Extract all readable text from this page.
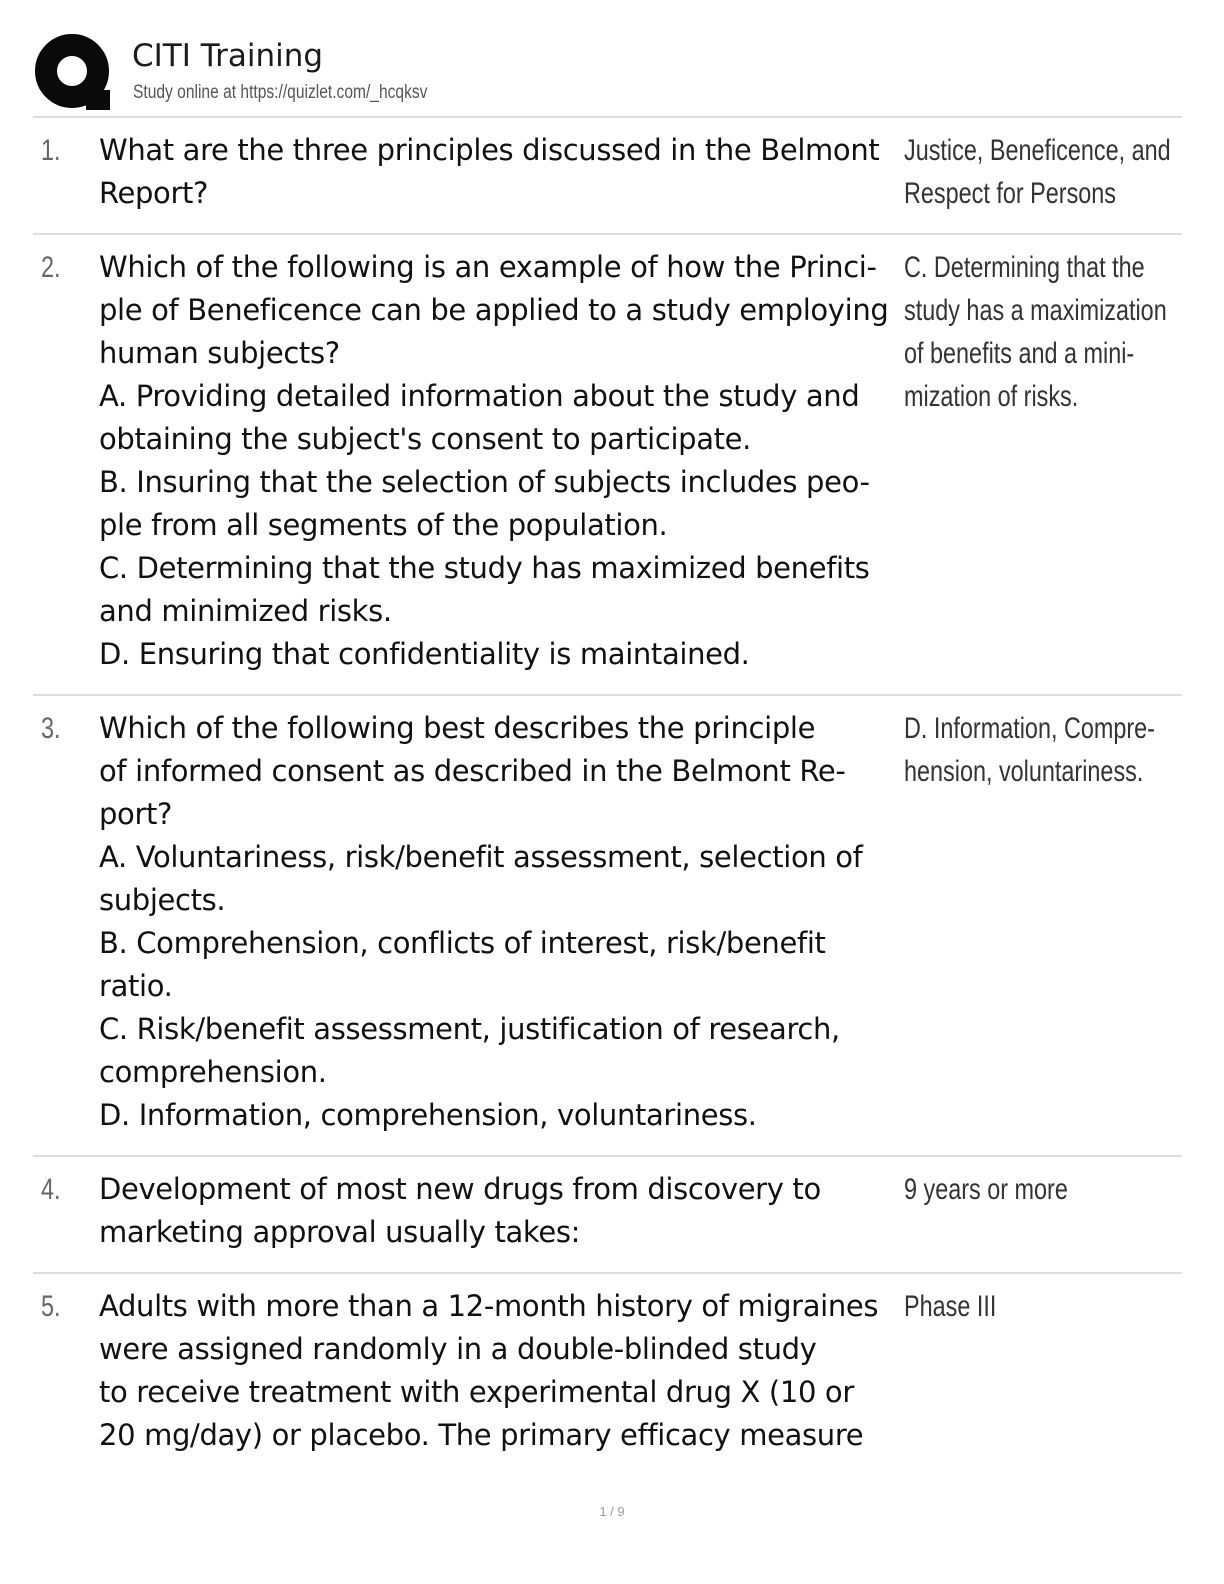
CITI Training
Study online at https://quizlet.com/_hcqksv
1. What are the three principles discussed in the Belmont
Report?
Justice, Beneficence, and
Respect for Persons
2. Which of the following is an example of how the Princi-
ple of Beneficence can be applied to a study employing
human subjects?
A. Providing detailed information about the study and
obtaining the subject's consent to participate.
B. Insuring that the selection of subjects includes peo-
ple from all segments of the population.
C. Determining that the study has maximized benefits
and minimized risks.
D. Ensuring that confidentiality is maintained.
C. Determining that the
study has a maximization
of benefits and a mini-
mization of risks.
3. Which of the following best describes the principle
of informed consent as described in the Belmont Re-
port?
A. Voluntariness, risk/benefit assessment, selection of
subjects.
B. Comprehension, conflicts of interest, risk/benefit
ratio.
C. Risk/benefit assessment, justification of research,
comprehension.
D. Information, comprehension, voluntariness.
D. Information, Compre-
hension, voluntariness.
4. Development of most new drugs from discovery to
marketing approval usually takes:
9 years or more
5. Adults with more than a 12-month history of migraines
were assigned randomly in a double-blinded study
to receive treatment with experimental drug X (10 or
20 mg/day) or placebo. The primary efficacy measure
Phase III
1 / 9
